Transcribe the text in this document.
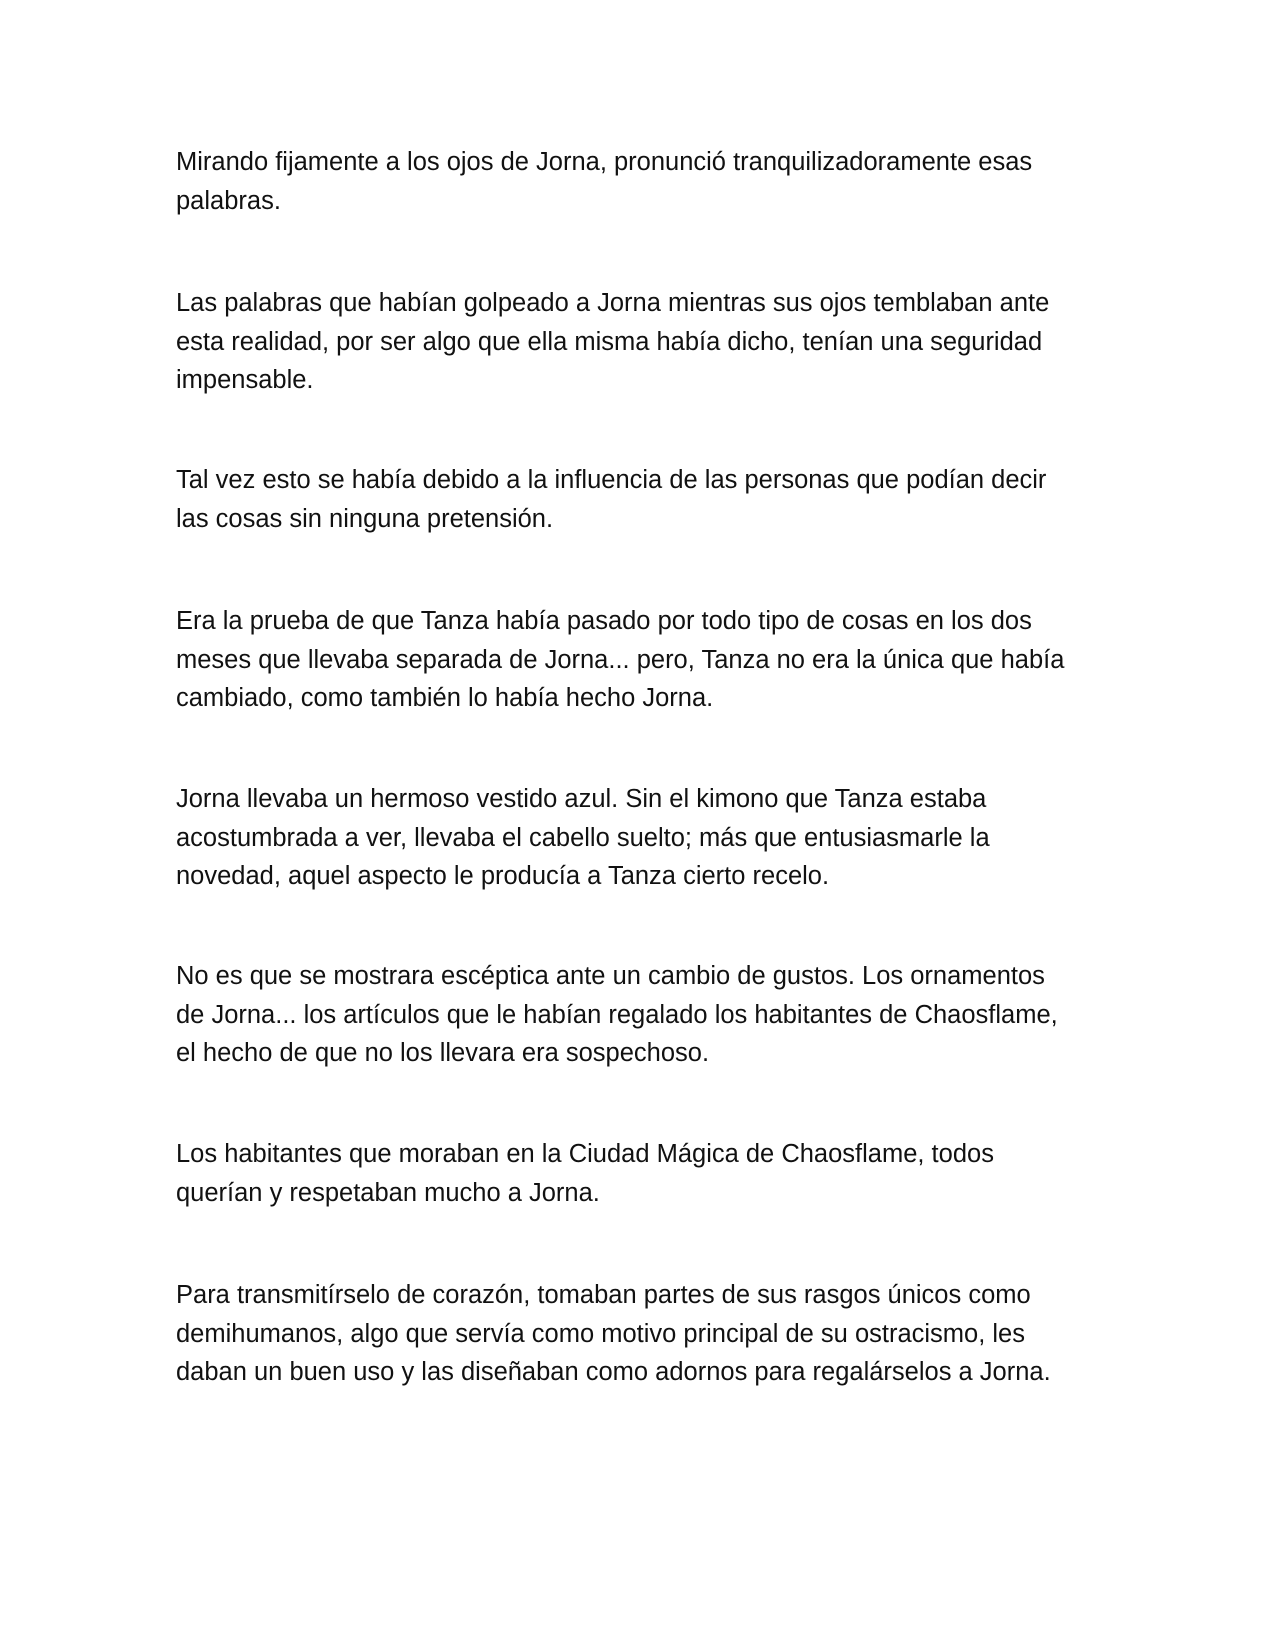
Mirando fijamente a los ojos de Jorna, pronunció tranquilizadoramente esas
palabras.

Las palabras que habían golpeado a Jorna mientras sus ojos temblaban ante
esta realidad, por ser algo que ella misma había dicho, tenían una seguridad
impensable.

Tal vez esto se había debido a la influencia de las personas que podían decir
las cosas sin ninguna pretensión.

Era la prueba de que Tanza había pasado por todo tipo de cosas en los dos
meses que llevaba separada de Jorna... pero, Tanza no era la única que había
cambiado, como también lo había hecho Jorna.

Jorna llevaba un hermoso vestido azul. Sin el kimono que Tanza estaba
acostumbrada a ver, llevaba el cabello suelto; más que entusiasmarle la
novedad, aquel aspecto le producía a Tanza cierto recelo.

No es que se mostrara escéptica ante un cambio de gustos. Los ornamentos
de Jorna... los artículos que le habían regalado los habitantes de Chaosflame,
el hecho de que no los llevara era sospechoso.

Los habitantes que moraban en la Ciudad Mágica de Chaosflame, todos
querían y respetaban mucho a Jorna.

Para transmitírselo de corazón, tomaban partes de sus rasgos únicos como
demihumanos, algo que servía como motivo principal de su ostracismo, les
daban un buen uso y las diseñaban como adornos para regalárselos a Jorna.
